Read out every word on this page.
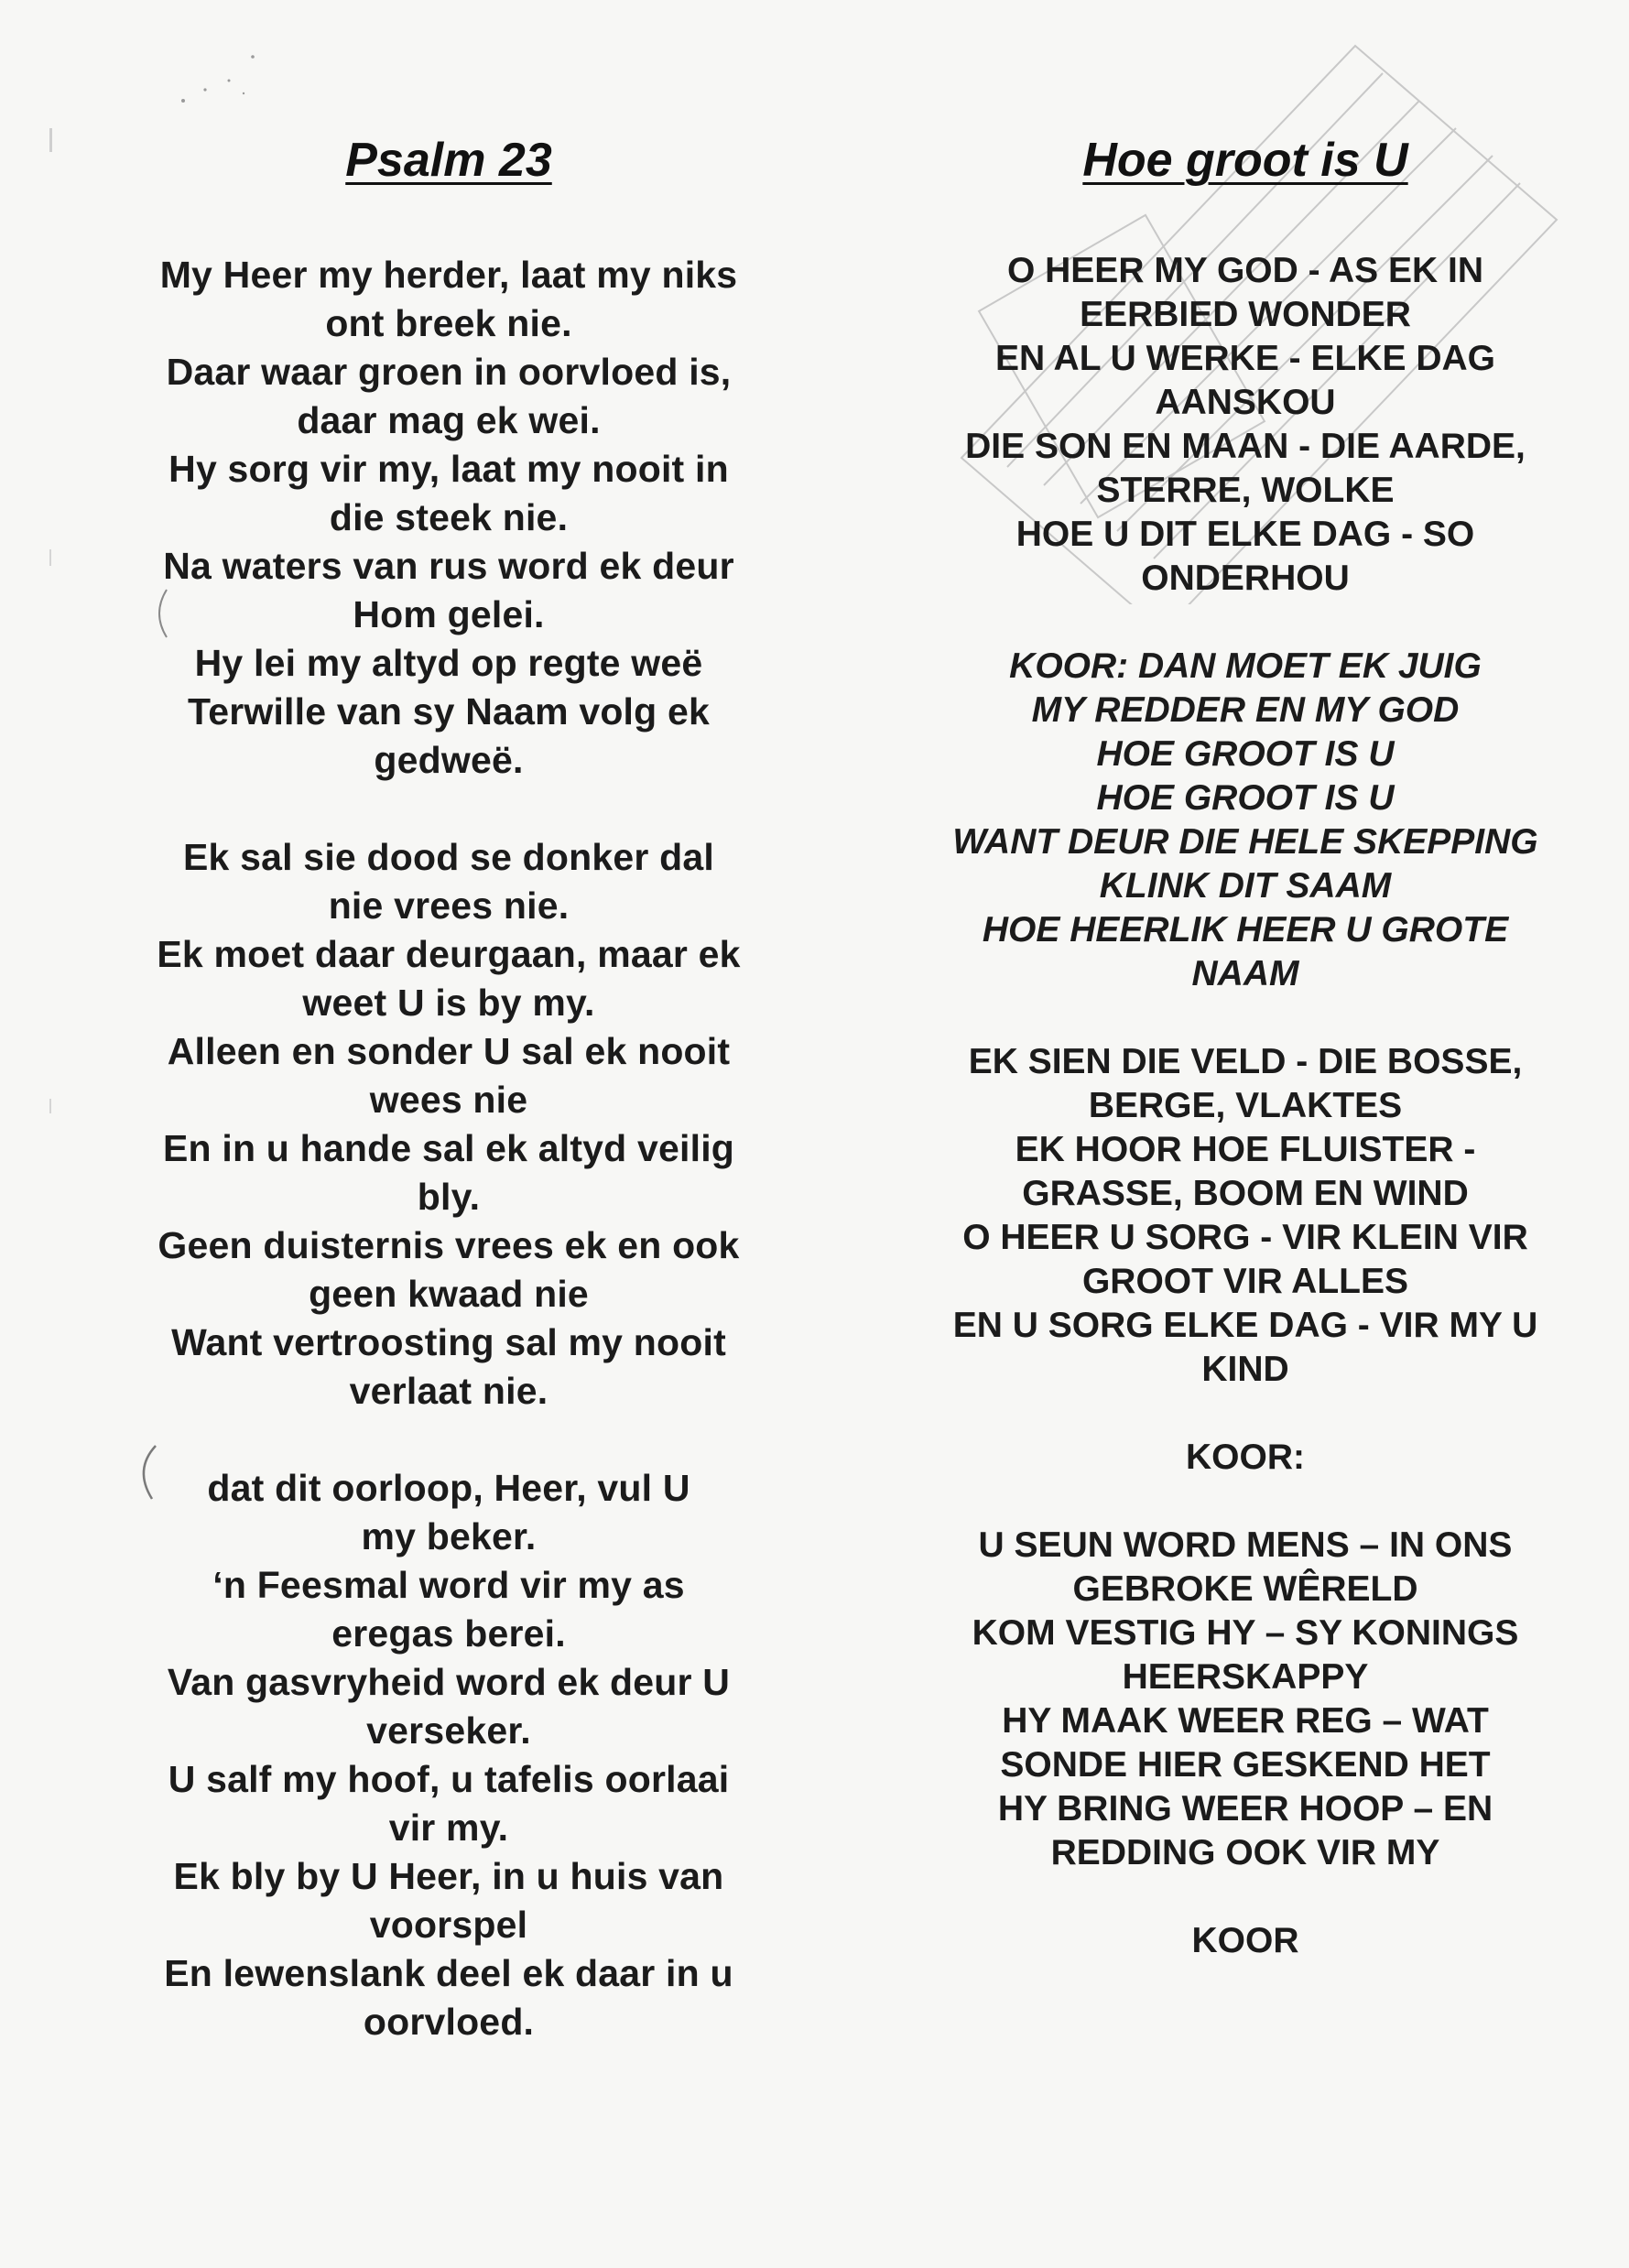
Psalm 23
My Heer my herder, laat my niks
ont breek nie.
Daar waar groen in oorvloed is,
daar mag ek wei.
Hy sorg vir my, laat my nooit in
die steek nie.
Na waters van rus word ek deur
Hom gelei.
Hy lei my altyd op regte weë
Terwille van sy Naam volg ek
gedweë.
Ek sal sie dood se donker dal
nie vrees nie.
Ek moet daar deurgaan, maar ek
weet U is by my.
Alleen en sonder U sal ek nooit
wees nie
En in u hande sal ek altyd veilig
bly.
Geen duisternis vrees ek en ook
geen kwaad nie
Want vertroosting sal my nooit
verlaat nie.
dat dit oorloop, Heer, vul U
my beker.
‘n Feesmal word vir my as
eregas berei.
Van gasvryheid word ek deur U
verseker.
U salf my hoof, u tafelis oorlaai
vir my.
Ek bly by U Heer, in u huis van
voorspel
En lewenslank deel ek daar in u
oorvloed.
Hoe groot is U
O HEER MY GOD - AS EK IN
EERBIED WONDER
EN AL U WERKE - ELKE DAG
AANSKOU
DIE SON EN MAAN - DIE AARDE,
STERRE, WOLKE
HOE U DIT ELKE DAG - SO
ONDERHOU
KOOR: DAN MOET EK JUIG
MY REDDER EN MY GOD
HOE GROOT IS U
HOE GROOT IS U
WANT DEUR DIE HELE SKEPPING
KLINK DIT SAAM
HOE HEERLIK HEER U GROTE
NAAM
EK SIEN DIE VELD - DIE BOSSE,
BERGE, VLAKTES
EK HOOR HOE FLUISTER -
GRASSE, BOOM EN WIND
O HEER U SORG - VIR KLEIN VIR
GROOT VIR ALLES
EN U SORG ELKE DAG - VIR MY U
KIND
KOOR:
U SEUN WORD MENS – IN ONS
GEBROKE WÊRELD
KOM VESTIG HY – SY KONINGS
HEERSKAPPY
HY MAAK WEER REG – WAT
SONDE HIER GESKEND HET
HY BRING WEER HOOP – EN
REDDING OOK VIR MY
KOOR
